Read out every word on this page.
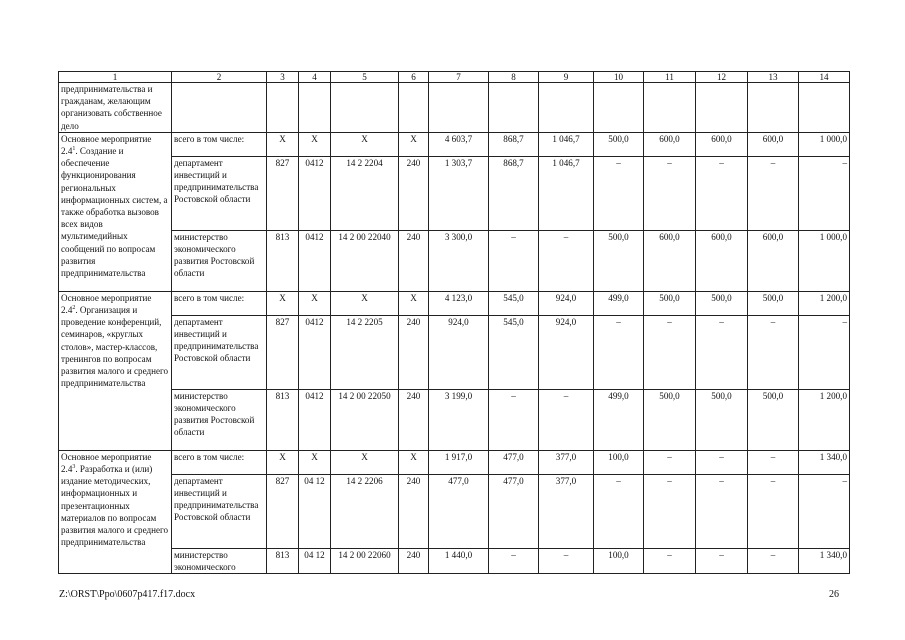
1	2	3	4	5	6	7	8	9	10	11	12	13	14
предпринимательства и гражданам, желающим организовать собственное дело													
Основное мероприятие $2.4^1$. Создание и обеспечение функционирования региональных информационных систем, а также обработка вызовов всех видов мультимедийных сообщений по вопросам развития предпринимательства	всего в том числе:	Х	Х	Х	Х	4 603,7	868,7	1 046,7	500,0	600,0	600,0	600,0	1 000,0
	департамент инвестиций и предпринимательства Ростовской области	827	0412	14 2 2204	240	1 303,7	868,7	1 046,7	–	–	–	–	–
	министерство экономического развития Ростовской области	813	0412	14 2 00 22040	240	3 300,0	–	–	500,0	600,0	600,0	600,0	1 000,0
Основное мероприятие $2.4^2$. Организация и проведение конференций, семинаров, «круглых столов», мастер-классов, тренингов по вопросам развития малого и среднего предпринимательства	всего в том числе:	Х	Х	Х	Х	4 123,0	545,0	924,0	499,0	500,0	500,0	500,0	1 200,0
	департамент инвестиций и предпринимательства Ростовской области	827	0412	14 2 2205	240	924,0	545,0	924,0	–	–	–	–	–
	министерство экономического развития Ростовской области	813	0412	14 2 00 22050	240	3 199,0	–	–	499,0	500,0	500,0	500,0	1 200,0
Основное мероприятие $2.4^3$. Разработка и (или) издание методических, информационных и презентационных материалов по вопросам развития малого и среднего предпринимательства	всего в том числе:	Х	Х	Х	Х	1 917,0	477,0	377,0	100,0	–	–	–	1 340,0
	департамент инвестиций и предпринимательства Ростовской области	827	04 12	14 2 2206	240	477,0	477,0	377,0	–	–	–	–	–
	министерство экономического	813	04 12	14 2 00 22060	240	1 440,0	–	–	100,0	–	–	–	1 340,0
Z:\ORST\Ppo\0607p417.f17.docx	26
